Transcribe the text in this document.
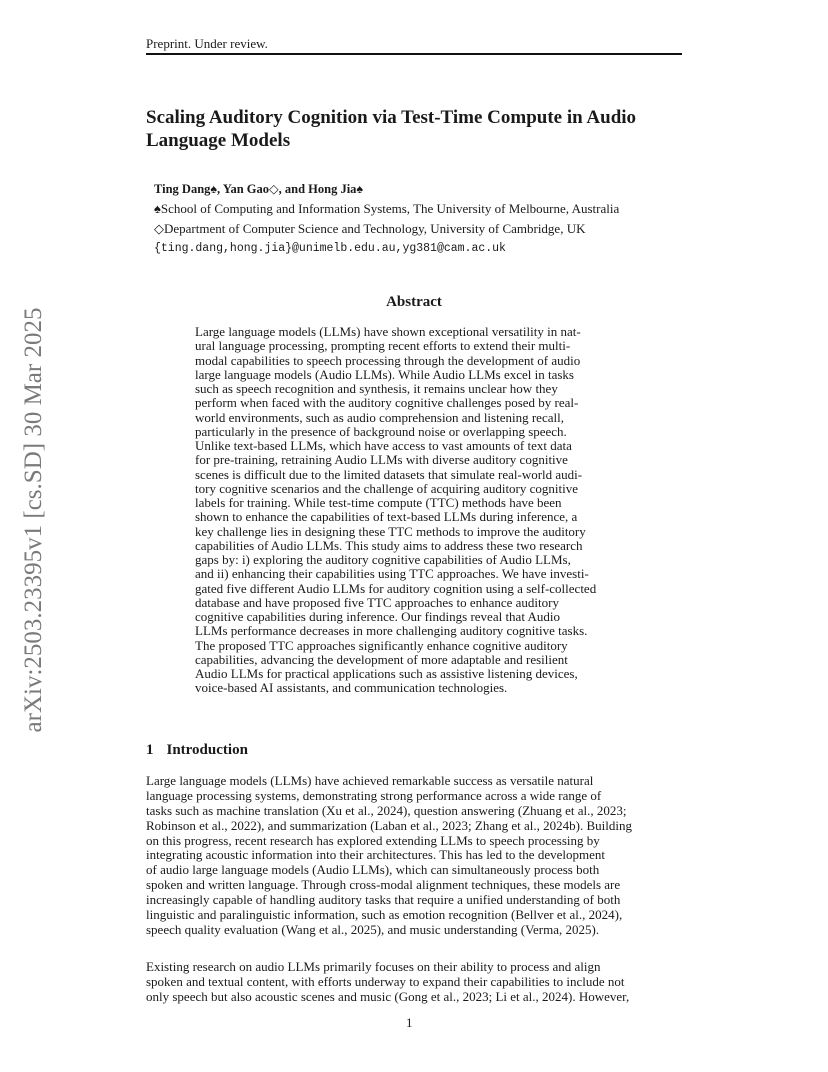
Preprint. Under review.
Scaling Auditory Cognition via Test-Time Compute in Audio
Language Models
Ting Dang♠, Yan Gao◇, and Hong Jia♠
♠School of Computing and Information Systems, The University of Melbourne, Australia
◇Department of Computer Science and Technology, University of Cambridge, UK
{ting.dang,hong.jia}@unimelb.edu.au,yg381@cam.ac.uk
arXiv:2503.23395v1 [cs.SD] 30 Mar 2025
Abstract
Large language models (LLMs) have shown exceptional versatility in nat-
ural language processing, prompting recent efforts to extend their multi-
modal capabilities to speech processing through the development of audio
large language models (Audio LLMs). While Audio LLMs excel in tasks
such as speech recognition and synthesis, it remains unclear how they
perform when faced with the auditory cognitive challenges posed by real-
world environments, such as audio comprehension and listening recall,
particularly in the presence of background noise or overlapping speech.
Unlike text-based LLMs, which have access to vast amounts of text data
for pre-training, retraining Audio LLMs with diverse auditory cognitive
scenes is difficult due to the limited datasets that simulate real-world audi-
tory cognitive scenarios and the challenge of acquiring auditory cognitive
labels for training. While test-time compute (TTC) methods have been
shown to enhance the capabilities of text-based LLMs during inference, a
key challenge lies in designing these TTC methods to improve the auditory
capabilities of Audio LLMs. This study aims to address these two research
gaps by: i) exploring the auditory cognitive capabilities of Audio LLMs,
and ii) enhancing their capabilities using TTC approaches. We have investi-
gated five different Audio LLMs for auditory cognition using a self-collected
database and have proposed five TTC approaches to enhance auditory
cognitive capabilities during inference. Our findings reveal that Audio
LLMs performance decreases in more challenging auditory cognitive tasks.
The proposed TTC approaches significantly enhance cognitive auditory
capabilities, advancing the development of more adaptable and resilient
Audio LLMs for practical applications such as assistive listening devices,
voice-based AI assistants, and communication technologies.
1 Introduction
Large language models (LLMs) have achieved remarkable success as versatile natural
language processing systems, demonstrating strong performance across a wide range of
tasks such as machine translation (Xu et al., 2024), question answering (Zhuang et al., 2023;
Robinson et al., 2022), and summarization (Laban et al., 2023; Zhang et al., 2024b). Building
on this progress, recent research has explored extending LLMs to speech processing by
integrating acoustic information into their architectures. This has led to the development
of audio large language models (Audio LLMs), which can simultaneously process both
spoken and written language. Through cross-modal alignment techniques, these models are
increasingly capable of handling auditory tasks that require a unified understanding of both
linguistic and paralinguistic information, such as emotion recognition (Bellver et al., 2024),
speech quality evaluation (Wang et al., 2025), and music understanding (Verma, 2025).
Existing research on audio LLMs primarily focuses on their ability to process and align
spoken and textual content, with efforts underway to expand their capabilities to include not
only speech but also acoustic scenes and music (Gong et al., 2023; Li et al., 2024). However,
1
